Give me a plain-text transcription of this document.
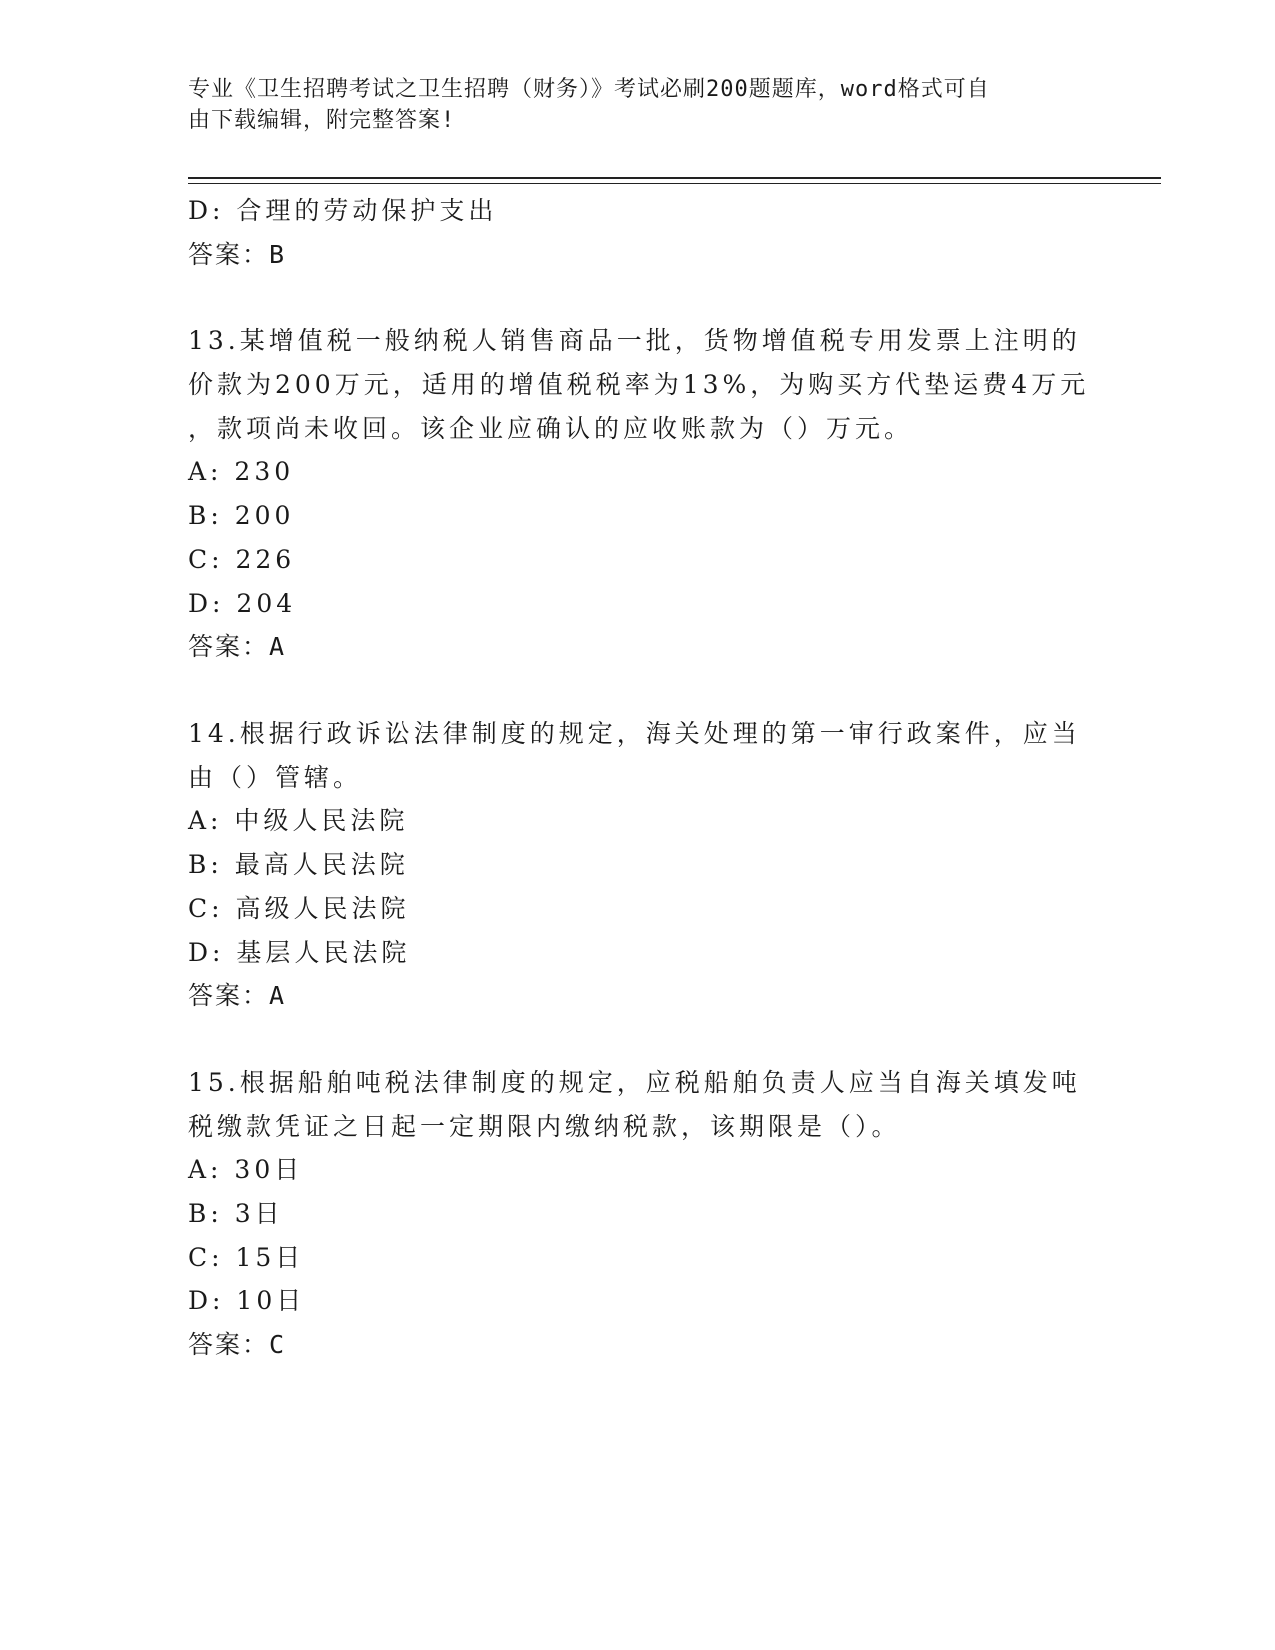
专业《卫生招聘考试之卫生招聘（财务）》考试必刷200题题库，word格式可自
由下载编辑，附完整答案!
D: 合理的劳动保护支出
答案：B
13.某增值税一般纳税人销售商品一批，货物增值税专用发票上注明的
价款为200万元，适用的增值税税率为13%，为购买方代垫运费4万元
，款项尚未收回。该企业应确认的应收账款为（）万元。
A: 230
B: 200
C: 226
D: 204
答案：A
14.根据行政诉讼法律制度的规定，海关处理的第一审行政案件，应当
由（）管辖。
A: 中级人民法院
B: 最高人民法院
C: 高级人民法院
D: 基层人民法院
答案：A
15.根据船舶吨税法律制度的规定，应税船舶负责人应当自海关填发吨
税缴款凭证之日起一定期限内缴纳税款，该期限是（）。
A: 30日
B: 3日
C: 15日
D: 10日
答案：C
